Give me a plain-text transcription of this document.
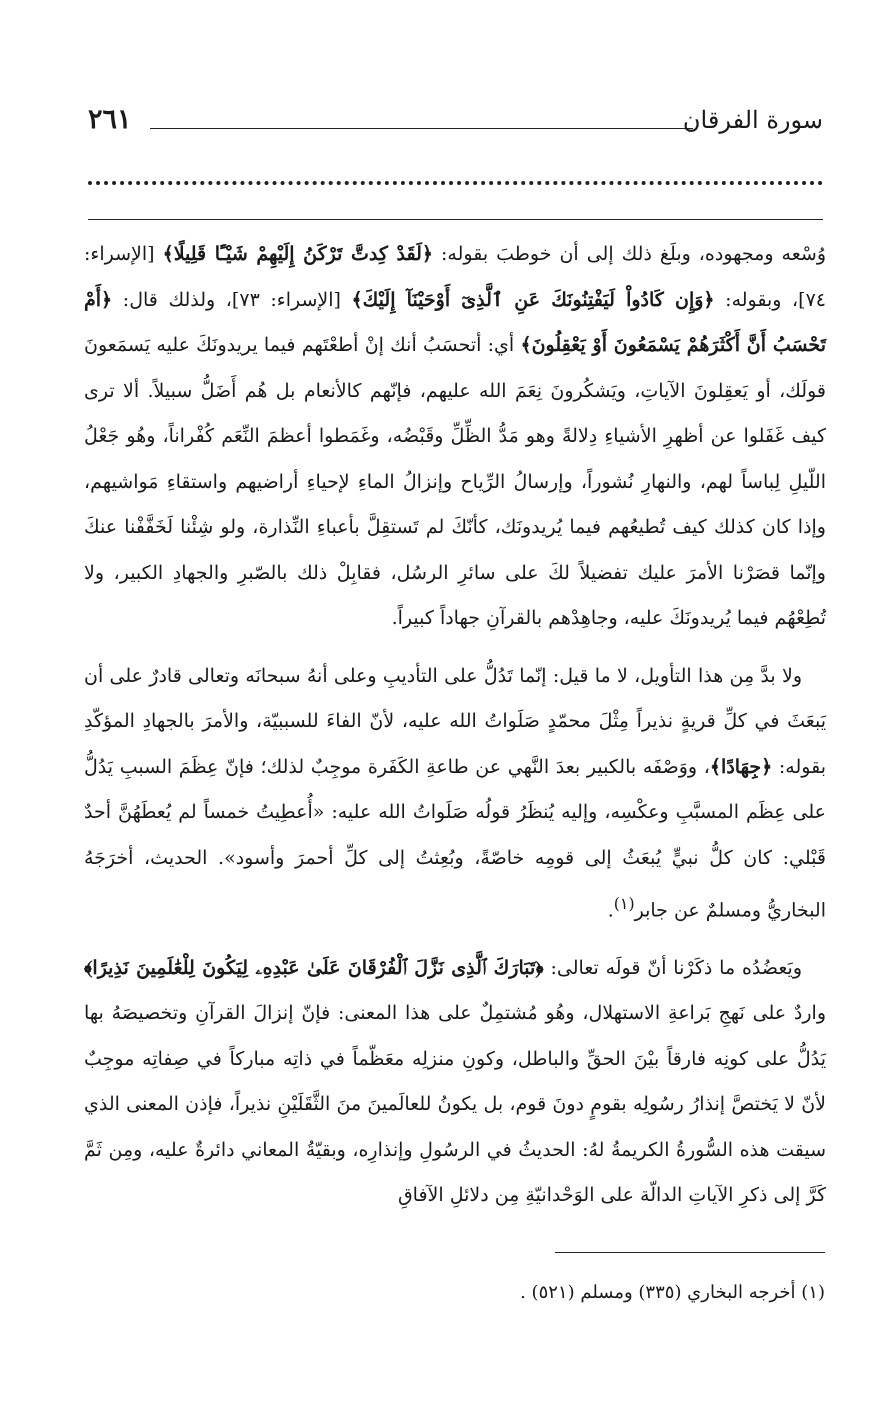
٢٦١	سورة الفرقان

وُسْعه ومجهوده، وبلَغ ذلك إلى أن خوطبَ بقوله: ﴿لَقَدْ كِدتَّ تَرْكَنُ إِلَيْهِمْ شَيْـًٔا قَلِيلًا﴾ [الإسراء: ٧٤]، وبقوله: ﴿وَإِن كَادُواْ لَيَفْتِنُونَكَ عَنِ ٱلَّذِىٓ أَوْحَيْنَآ إِلَيْكَ﴾ [الإسراء: ٧٣]، ولذلك قال: ﴿أَمْ تَحْسَبُ أَنَّ أَكْثَرَهُمْ يَسْمَعُونَ أَوْ يَعْقِلُونَ﴾ أي: أتحسَبُ أنك إنْ أطعْتَهم فيما يريدونَكَ عليه يَسمَعونَ قولَك، أو يَعقِلونَ الآياتِ، ويَشكُرونَ نِعَمَ الله عليهم، فإنّهم كالأنعام بل هُم أَضَلُّ سبيلاً. ألا ترى كيف غَفَلوا عن أظهرِ الأشياءِ دِلالةً وهو مَدُّ الظِّلِّ وقَبْضُه، وغَمَطوا أعظمَ النِّعَم كُفْراناً، وهُو جَعْلُ اللّيلِ لِباساً لهم، والنهارِ نُشوراً، وإرسالُ الرِّياح وإنزالُ الماءِ لإحياءِ أراضيهم واستقاءِ مَواشيهم، وإذا كان كذلك كيف تُطيعُهم فيما يُريدونَك، كأنّكَ لم تَستقِلَّ بأعباءِ النِّذارة، ولو شِئْنا لَخَفَّفْنا عنكَ وإنّما قصَرْنا الأمرَ عليك تفضيلاً لكَ على سائرِ الرسُل، فقابِلْ ذلك بالصّبرِ والجهادِ الكبير، ولا تُطِعْهُم فيما يُريدونَكَ عليه، وجاهِدْهم بالقرآنِ جهاداً كبيراً.

ولا بدَّ مِن هذا التأويل، لا ما قيل: إنّما تَدُلُّ على التأديبِ وعلى أنهُ سبحانَه وتعالى قادرٌ على أن يَبعَثَ في كلِّ قريةٍ نذيراً مِثْلَ محمّدٍ صَلَواتُ الله عليه، لأنّ الفاءَ للسببيّة، والأمرَ بالجهادِ المؤكّدِ بقوله: ﴿جِهَادًا﴾، ووَصْفَه بالكبير بعدَ النَّهي عن طاعةِ الكَفَرة موجِبٌ لذلك؛ فإنّ عِظَمَ السببِ يَدُلُّ على عِظَم المسبَّبِ وعكْسِه، وإليه يُنظَرُ قولُه صَلَواتُ الله عليه: «أُعطِيتُ خمساً لم يُعطَهُنَّ أحدٌ قَبْلي: كان كلُّ نبيٍّ يُبعَثُ إلى قومِه خاصّةً، وبُعِثتُ إلى كلِّ أحمرَ وأسود». الحديث، أخرَجَهُ البخاريُّ ومسلمٌ عن جابر$^{(١)}$.

ويَعضُدُه ما ذكَرْنا أنّ قولَه تعالى: ﴿تَبَارَكَ ٱلَّذِى نَزَّلَ ٱلْفُرْقَانَ عَلَىٰ عَبْدِهِۦ لِيَكُونَ لِلْعَٰلَمِينَ نَذِيرًا﴾ واردٌ على نَهجِ بَراعةِ الاستهلال، وهُو مُشتمِلٌ على هذا المعنى: فإنّ إنزالَ القرآنِ وتخصيصَهُ بها يَدُلُّ على كونِه فارقاً بيْنَ الحقِّ والباطل، وكونِ منزلِه معَظّماً في ذاتِه مباركاً في صِفاتِه موجِبٌ لأنّ لا يَختصَّ إنذارُ رسُولِه بقومٍ دونَ قوم، بل يكونُ للعالَمينَ منَ الثَّقَلَيْنِ نذيراً، فإذن المعنى الذي سيقت هذه السُّورةُ الكريمةُ لهُ: الحديثُ في الرسُولِ وإنذارِه، وبقيّةُ المعاني دائرةٌ عليه، ومِن ثَمَّ كَرَّ إلى ذكرِ الآياتِ الدالّة على الوَحْدانيّةِ مِن دلائلِ الآفاقِ

(١) أخرجه البخاري (٣٣٥) ومسلم (٥٢١) .
